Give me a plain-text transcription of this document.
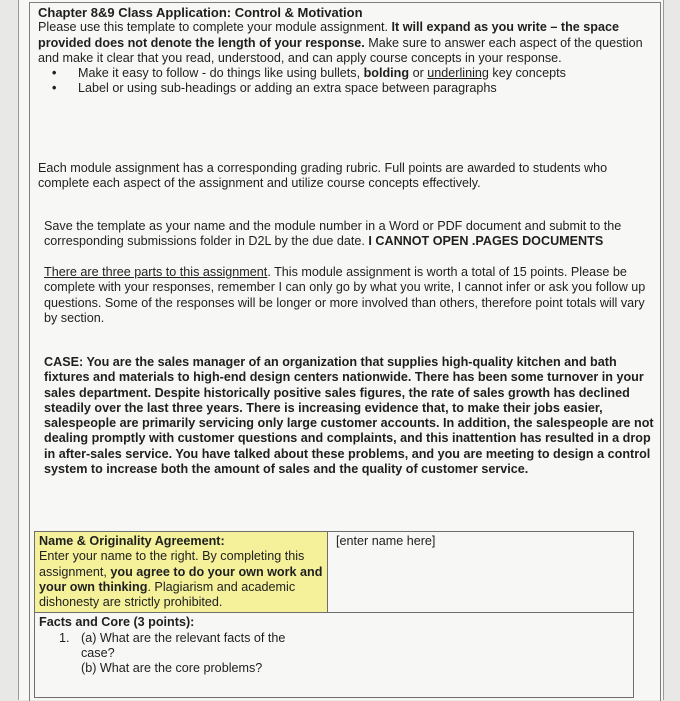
Chapter 8&9 Class Application: Control & Motivation
Please use this template to complete your module assignment. It will expand as you write – the space provided does not denote the length of your response. Make sure to answer each aspect of the question and make it clear that you read, understood, and can apply course concepts in your response.
• Make it easy to follow - do things like using bullets, bolding or underlining key concepts
• Label or using sub-headings or adding an extra space between paragraphs
Each module assignment has a corresponding grading rubric. Full points are awarded to students who complete each aspect of the assignment and utilize course concepts effectively.
Save the template as your name and the module number in a Word or PDF document and submit to the corresponding submissions folder in D2L by the due date. I CANNOT OPEN .PAGES DOCUMENTS
There are three parts to this assignment. This module assignment is worth a total of 15 points. Please be complete with your responses, remember I can only go by what you write, I cannot infer or ask you follow up questions. Some of the responses will be longer or more involved than others, therefore point totals will vary by section.
CASE: You are the sales manager of an organization that supplies high-quality kitchen and bath fixtures and materials to high-end design centers nationwide. There has been some turnover in your sales department. Despite historically positive sales figures, the rate of sales growth has declined steadily over the last three years. There is increasing evidence that, to make their jobs easier, salespeople are primarily servicing only large customer accounts. In addition, the salespeople are not dealing promptly with customer questions and complaints, and this inattention has resulted in a drop in after-sales service. You have talked about these problems, and you are meeting to design a control system to increase both the amount of sales and the quality of customer service.
Name & Originality Agreement:
Enter your name to the right. By completing this assignment, you agree to do your own work and your own thinking. Plagiarism and academic dishonesty are strictly prohibited.
	[enter name here]

Facts and Core (3 points):
1. (a) What are the relevant facts of the case?
(b) What are the core problems?
